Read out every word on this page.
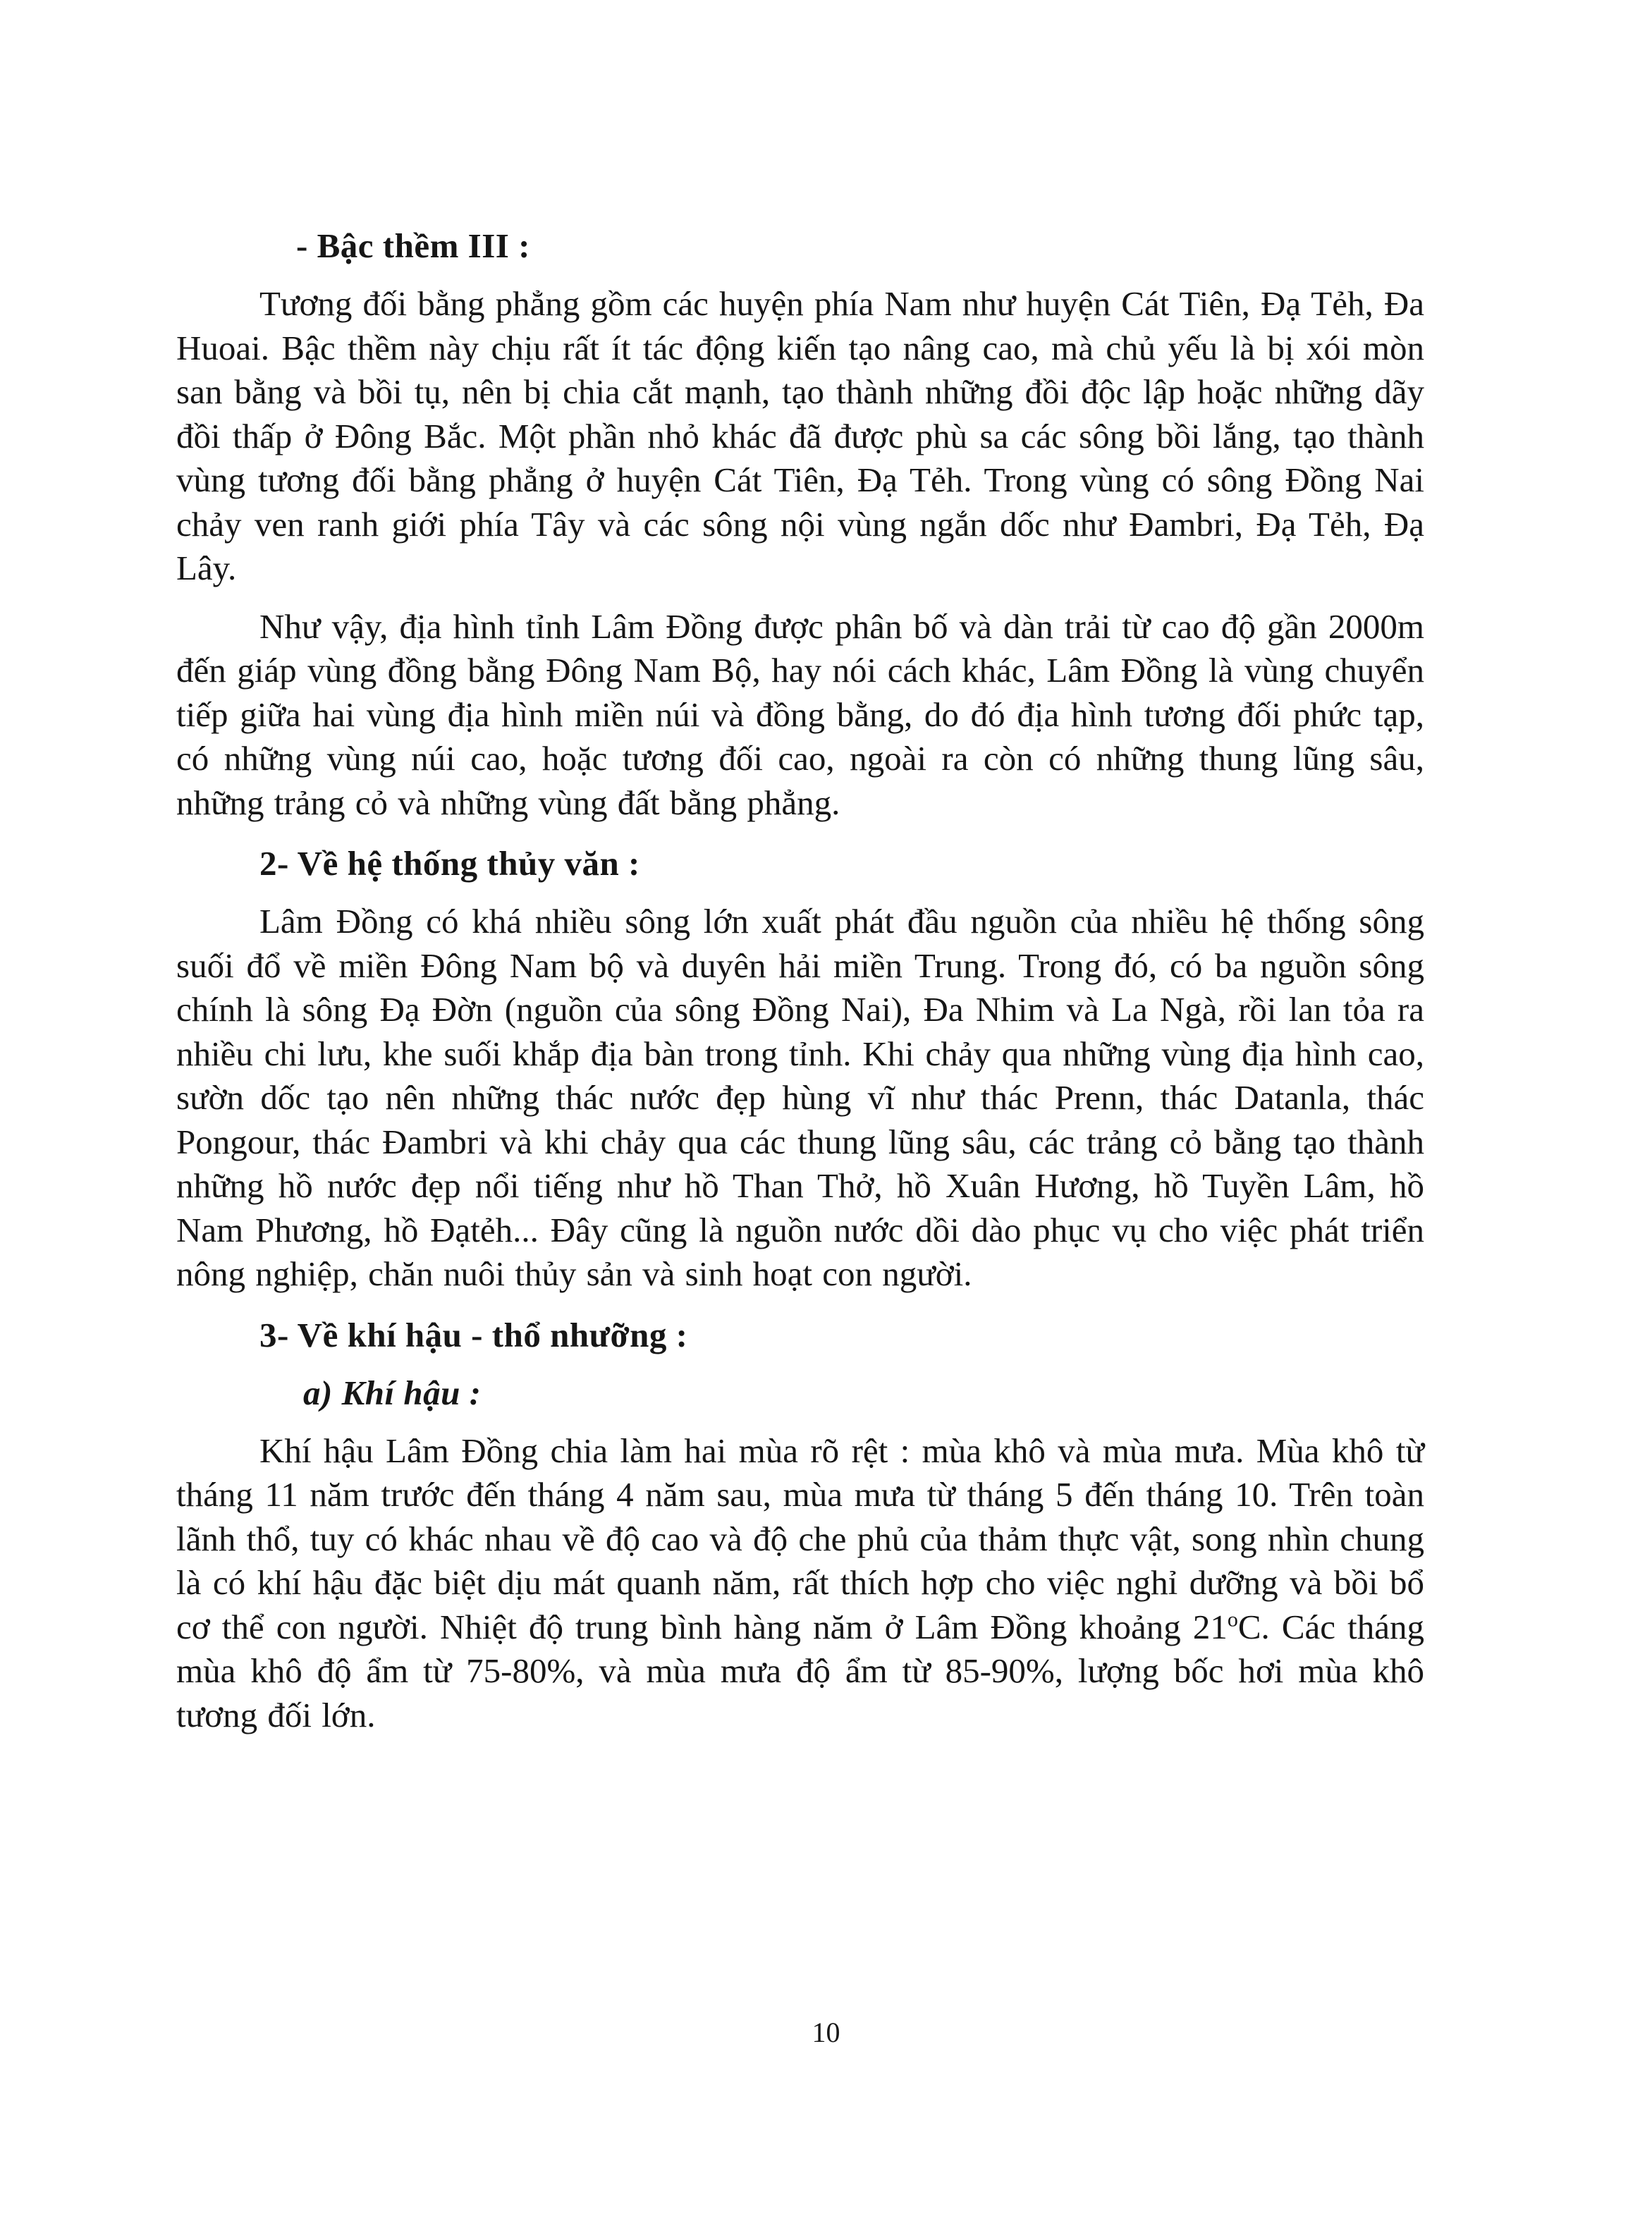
- Bậc thềm III :

Tương đối bằng phẳng gồm các huyện phía Nam như huyện Cát Tiên, Đạ Tẻh, Đa Huoai. Bậc thềm này chịu rất ít tác động kiến tạo nâng cao, mà chủ yếu là bị xói mòn san bằng và bồi tụ, nên bị chia cắt mạnh, tạo thành những đồi độc lập hoặc những dãy đồi thấp ở Đông Bắc. Một phần nhỏ khác đã được phù sa các sông bồi lắng, tạo thành vùng tương đối bằng phẳng ở huyện Cát Tiên, Đạ Tẻh. Trong vùng có sông Đồng Nai chảy ven ranh giới phía Tây và các sông nội vùng ngắn dốc như Đambri, Đạ Tẻh, Đạ Lây.

Như vậy, địa hình tỉnh Lâm Đồng được phân bố và dàn trải từ cao độ gần 2000m đến giáp vùng đồng bằng Đông Nam Bộ, hay nói cách khác, Lâm Đồng là vùng chuyển tiếp giữa hai vùng địa hình miền núi và đồng bằng, do đó địa hình tương đối phức tạp, có những vùng núi cao, hoặc tương đối cao, ngoài ra còn có những thung lũng sâu, những trảng cỏ và những vùng đất bằng phẳng.

2- Về hệ thống thủy văn :

Lâm Đồng có khá nhiều sông lớn xuất phát đầu nguồn của nhiều hệ thống sông suối đổ về miền Đông Nam bộ và duyên hải miền Trung. Trong đó, có ba nguồn sông chính là sông Đạ Đờn (nguồn của sông Đồng Nai), Đa Nhim và La Ngà, rồi lan tỏa ra nhiều chi lưu, khe suối khắp địa bàn trong tỉnh. Khi chảy qua những vùng địa hình cao, sườn dốc tạo nên những thác nước đẹp hùng vĩ như thác Prenn, thác Datanla, thác Pongour, thác Đambri và khi chảy qua các thung lũng sâu, các trảng cỏ bằng tạo thành những hồ nước đẹp nổi tiếng như hồ Than Thở, hồ Xuân Hương, hồ Tuyền Lâm, hồ Nam Phương, hồ Đạtẻh... Đây cũng là nguồn nước dồi dào phục vụ cho việc phát triển nông nghiệp, chăn nuôi thủy sản và sinh hoạt con người.

3- Về khí hậu - thổ nhưỡng :

a) Khí hậu :

Khí hậu Lâm Đồng chia làm hai mùa rõ rệt : mùa khô và mùa mưa. Mùa khô từ tháng 11 năm trước đến tháng 4 năm sau, mùa mưa từ tháng 5 đến tháng 10. Trên toàn lãnh thổ, tuy có khác nhau về độ cao và độ che phủ của thảm thực vật, song nhìn chung là có khí hậu đặc biệt dịu mát quanh năm, rất thích hợp cho việc nghỉ dưỡng và bồi bổ cơ thể con người. Nhiệt độ trung bình hàng năm ở Lâm Đồng khoảng 21$^o$C. Các tháng mùa khô độ ẩm từ 75-80%, và mùa mưa độ ẩm từ 85-90%, lượng bốc hơi mùa khô tương đối lớn.

10
